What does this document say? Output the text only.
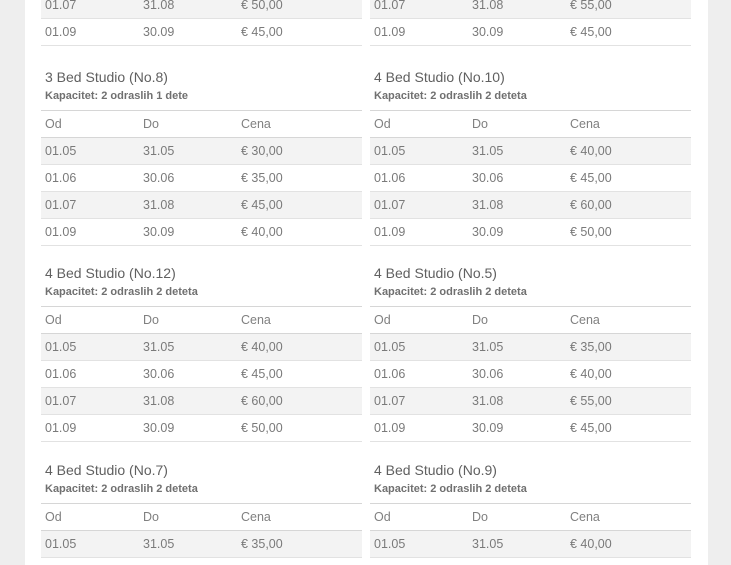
01.07	31.08	€ 50,00
01.09	30.09	€ 45,00
01.07	31.08	€ 55,00
01.09	30.09	€ 45,00
3 Bed Studio (No.8)
Kapacitet: 2 odraslih 1 dete
Od	Do	Cena
01.05	31.05	€ 30,00
01.06	30.06	€ 35,00
01.07	31.08	€ 45,00
01.09	30.09	€ 40,00
4 Bed Studio (No.10)
Kapacitet: 2 odraslih 2 deteta
Od	Do	Cena
01.05	31.05	€ 40,00
01.06	30.06	€ 45,00
01.07	31.08	€ 60,00
01.09	30.09	€ 50,00
4 Bed Studio (No.12)
Kapacitet: 2 odraslih 2 deteta
Od	Do	Cena
01.05	31.05	€ 40,00
01.06	30.06	€ 45,00
01.07	31.08	€ 60,00
01.09	30.09	€ 50,00
4 Bed Studio (No.5)
Kapacitet: 2 odraslih 2 deteta
Od	Do	Cena
01.05	31.05	€ 35,00
01.06	30.06	€ 40,00
01.07	31.08	€ 55,00
01.09	30.09	€ 45,00
4 Bed Studio (No.7)
Kapacitet: 2 odraslih 2 deteta
Od	Do	Cena
01.05	31.05	€ 35,00
4 Bed Studio (No.9)
Kapacitet: 2 odraslih 2 deteta
Od	Do	Cena
01.05	31.05	€ 40,00
